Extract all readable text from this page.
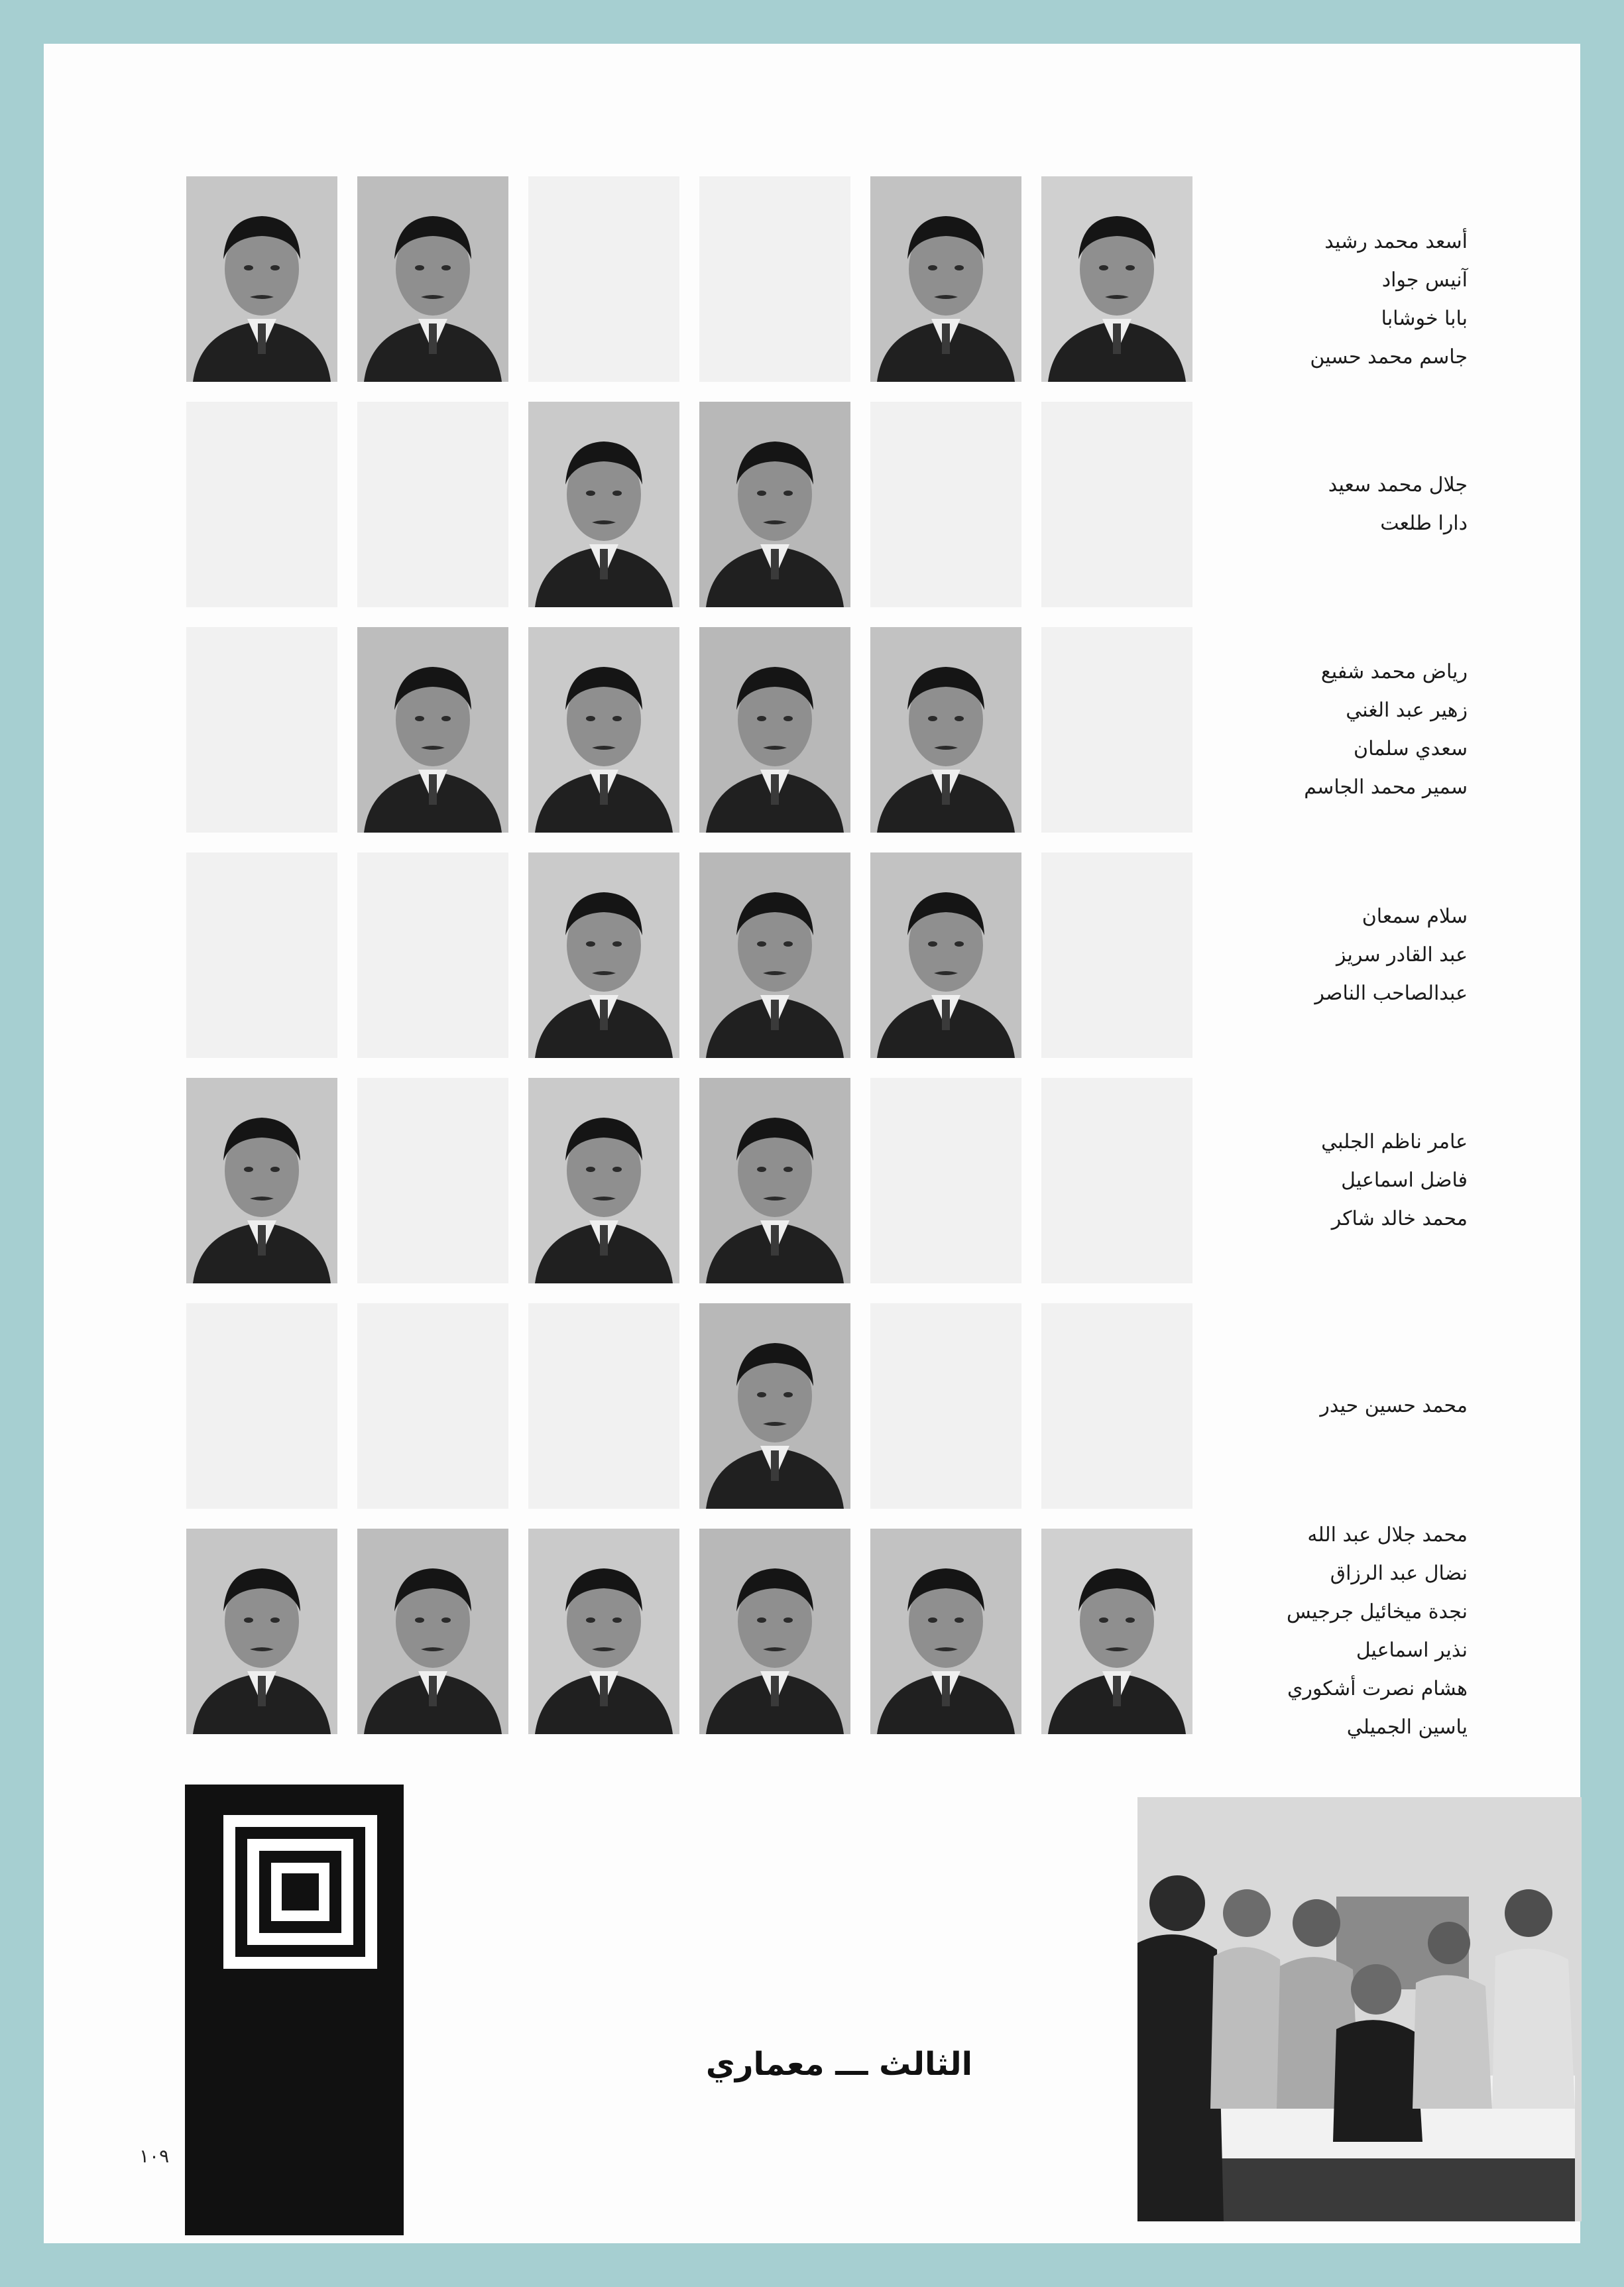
أسعد محمد رشيد
آنيس جواد
بابا خوشابا
جاسم محمد حسين
جلال محمد سعيد
دارا طلعت
رياض محمد شفيع
زهير عبد الغني
سعدي سلمان
سمير محمد الجاسم
سلام سمعان
عبد القادر سريز
عبدالصاحب الناصر
عامر ناظم الجلبي
فاضل اسماعيل
محمد خالد شاكر
محمد حسين حيدر
محمد جلال عبد الله
نضال عبد الرزاق
نجدة ميخائيل جرجيس
نذير اسماعيل
هشام نصرت أشكوري
ياسين الجميلي
الثالث ـــ معماري
١٠٩
